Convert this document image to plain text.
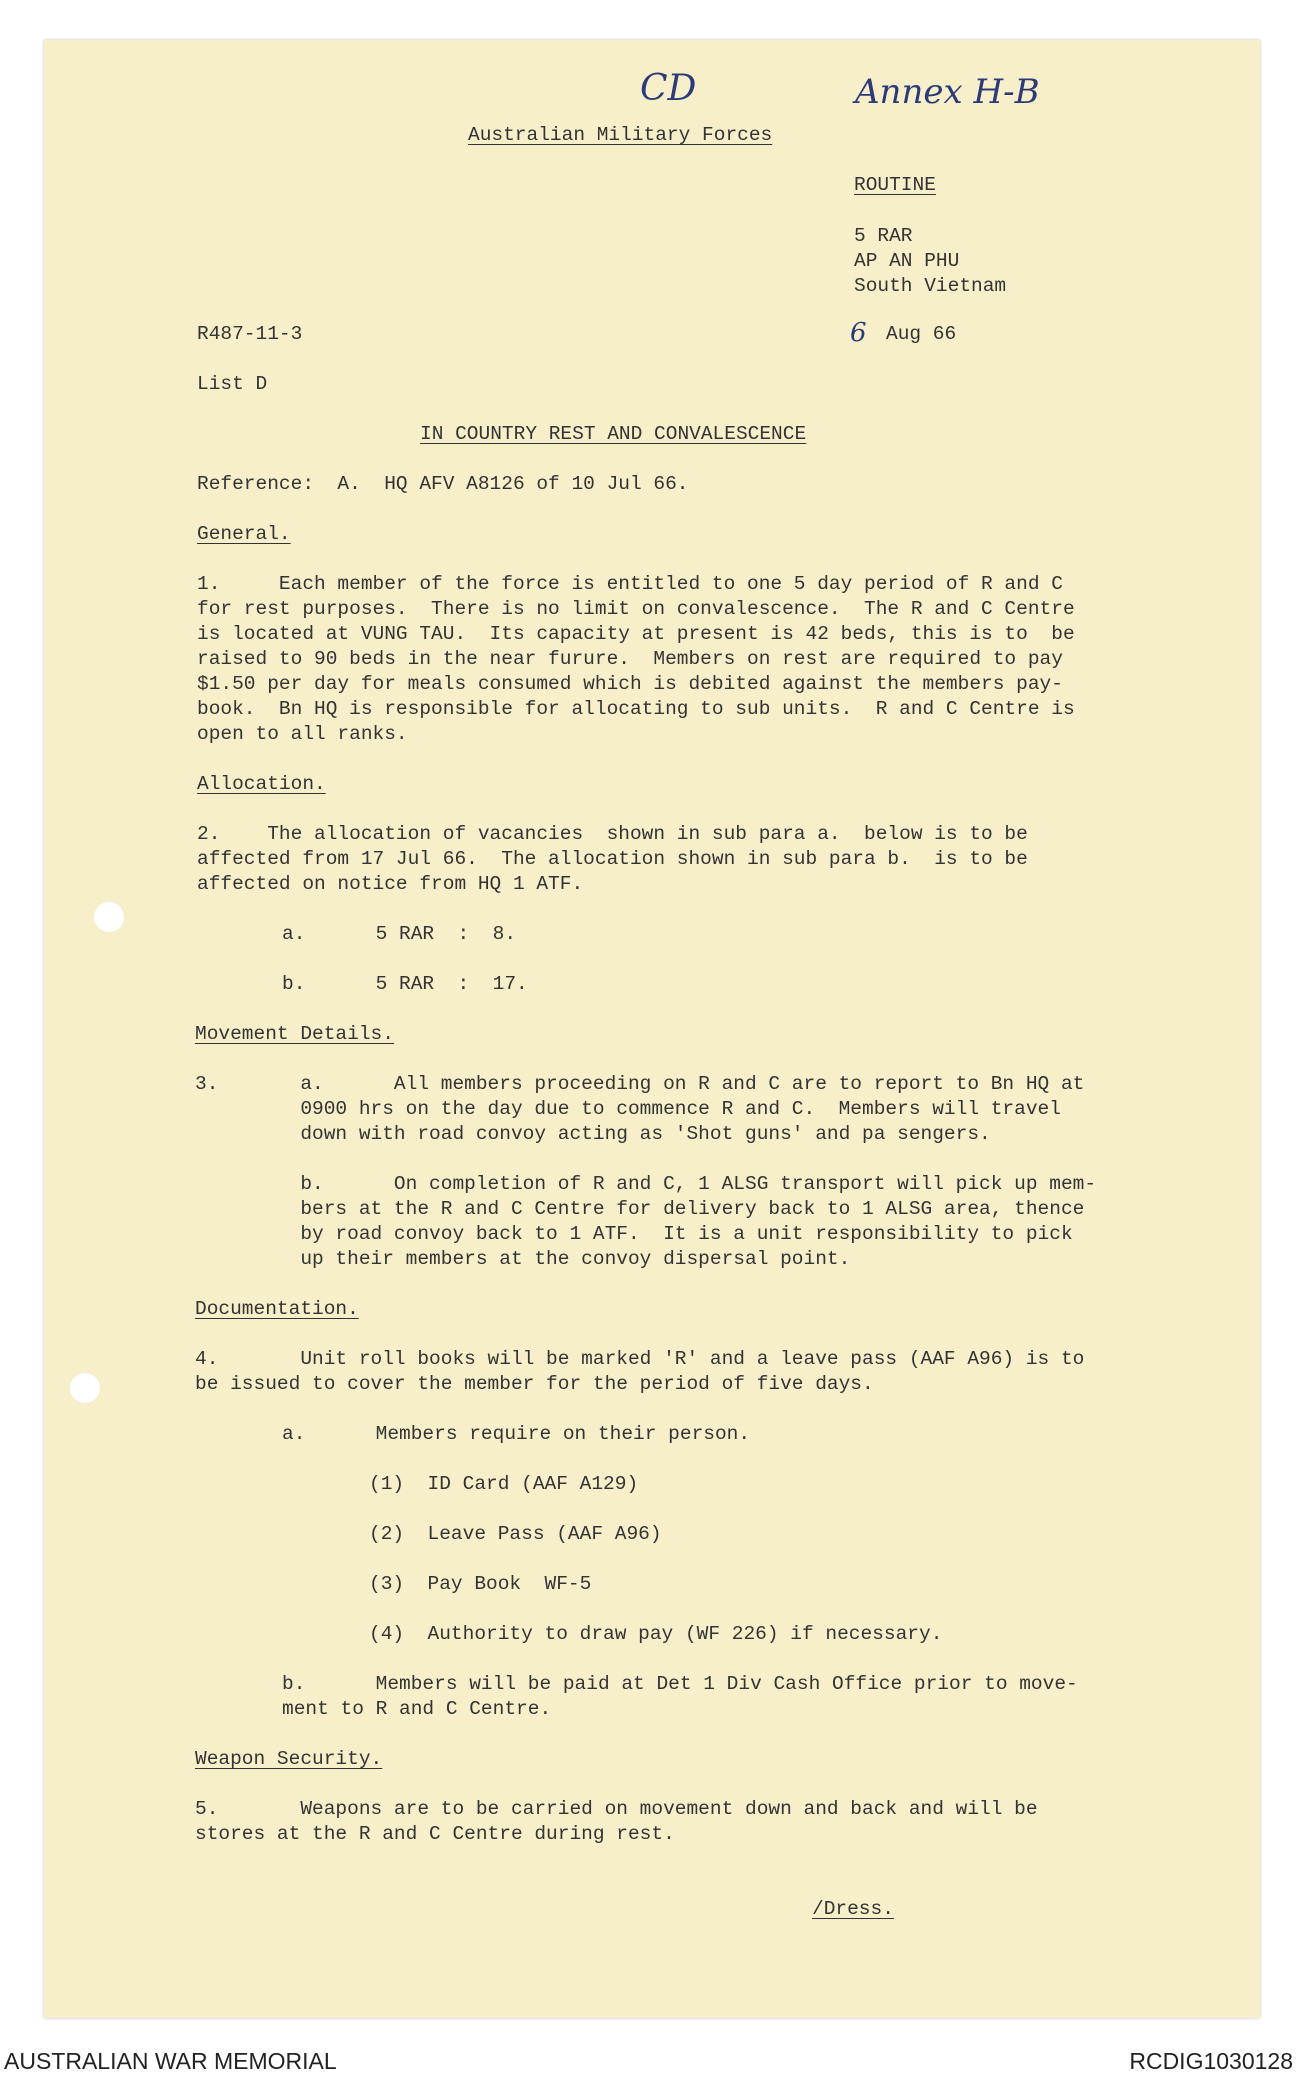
CD	Annex H-B
6
Australian Military Forces
ROUTINE
5 RAR
AP AN PHU
South Vietnam
R487-11-3	Aug 66
List D
IN COUNTRY REST AND CONVALESCENCE
Reference:  A.  HQ AFV A8126 of 10 Jul 66.
General.
1.     Each member of the force is entitled to one 5 day period of R and C
for rest purposes.  There is no limit on convalescence.  The R and C Centre
is located at VUNG TAU.  Its capacity at present is 42 beds, this is to  be
raised to 90 beds in the near furure.  Members on rest are required to pay
$1.50 per day for meals consumed which is debited against the members pay-
book.  Bn HQ is responsible for allocating to sub units.  R and C Centre is
open to all ranks.
Allocation.
2.    The allocation of vacancies  shown in sub para a.  below is to be
affected from 17 Jul 66.  The allocation shown in sub para b.  is to be
affected on notice from HQ 1 ATF.
a.      5 RAR  :  8.
b.      5 RAR  :  17.
Movement Details.
3.       a.      All members proceeding on R and C are to report to Bn HQ at
0900 hrs on the day due to commence R and C.  Members will travel
down with road convoy acting as 'Shot guns' and pa sengers.
b.      On completion of R and C, 1 ALSG transport will pick up mem-
bers at the R and C Centre for delivery back to 1 ALSG area, thence
by road convoy back to 1 ATF.  It is a unit responsibility to pick
up their members at the convoy dispersal point.
Documentation.
4.       Unit roll books will be marked 'R' and a leave pass (AAF A96) is to
be issued to cover the member for the period of five days.
a.      Members require on their person.
(1)  ID Card (AAF A129)
(2)  Leave Pass (AAF A96)
(3)  Pay Book  WF-5
(4)  Authority to draw pay (WF 226) if necessary.
b.      Members will be paid at Det 1 Div Cash Office prior to move-
ment to R and C Centre.
Weapon Security.
5.       Weapons are to be carried on movement down and back and will be
stores at the R and C Centre during rest.
/Dress.
AUSTRALIAN WAR MEMORIAL	RCDIG1030128
